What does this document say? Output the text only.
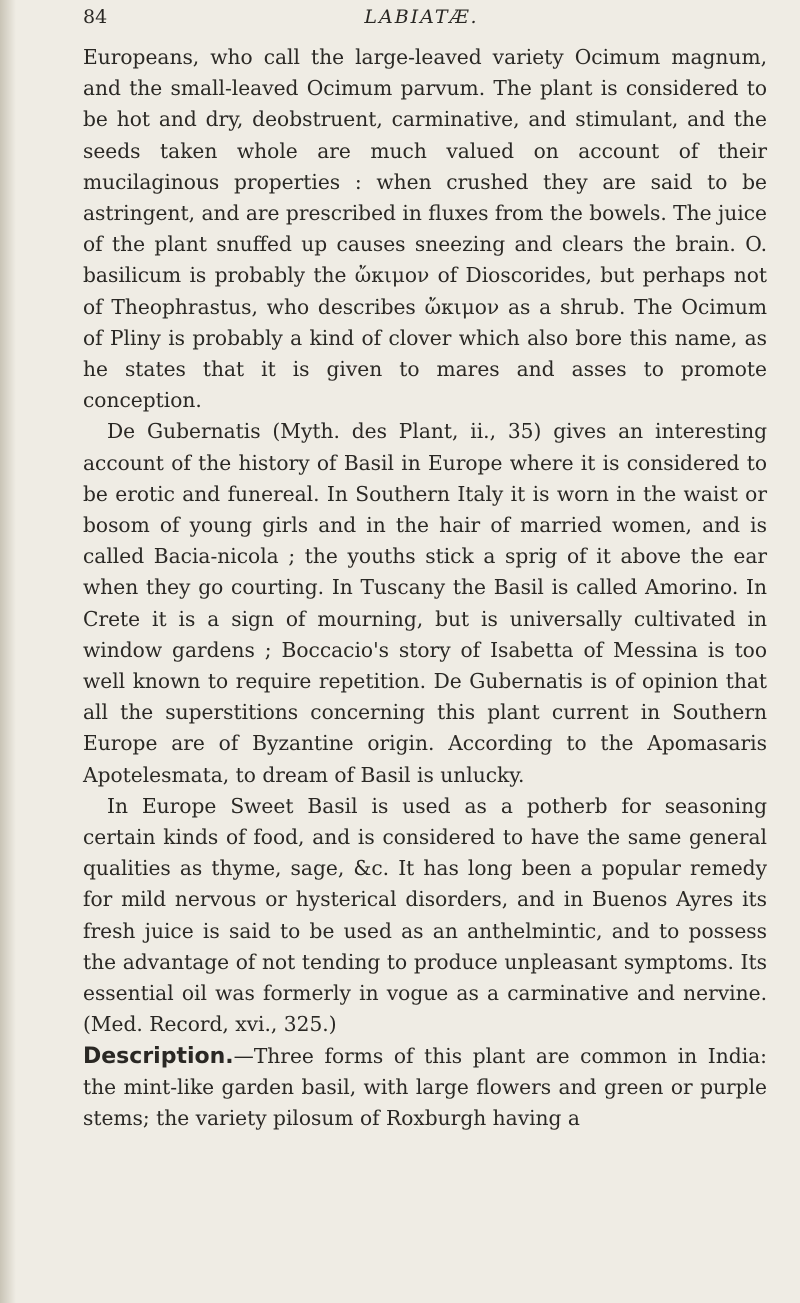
84	LABIATÆ.

Europeans, who call the large-leaved variety Ocimum magnum, and the small-leaved Ocimum parvum. The plant is considered to be hot and dry, deobstruent, carminative, and stimulant, and the seeds taken whole are much valued on account of their mucilaginous properties : when crushed they are said to be astringent, and are prescribed in fluxes from the bowels. The juice of the plant snuffed up causes sneezing and clears the brain. O. basilicum is probably the ὤκιμον of Dioscorides, but perhaps not of Theophrastus, who describes ὤκιμον as a shrub. The Ocimum of Pliny is probably a kind of clover which also bore this name, as he states that it is given to mares and asses to promote conception.

De Gubernatis (Myth. des Plant, ii., 35) gives an interesting account of the history of Basil in Europe where it is considered to be erotic and funereal. In Southern Italy it is worn in the waist or bosom of young girls and in the hair of married women, and is called Bacia-nicola ; the youths stick a sprig of it above the ear when they go courting. In Tuscany the Basil is called Amorino. In Crete it is a sign of mourning, but is universally cultivated in window gardens ; Boccacio's story of Isabetta of Messina is too well known to require repetition. De Gubernatis is of opinion that all the superstitions concerning this plant current in Southern Europe are of Byzantine origin. According to the Apomasaris Apotelesmata, to dream of Basil is unlucky.

In Europe Sweet Basil is used as a potherb for seasoning certain kinds of food, and is considered to have the same general qualities as thyme, sage, &c. It has long been a popular remedy for mild nervous or hysterical disorders, and in Buenos Ayres its fresh juice is said to be used as an anthelmintic, and to possess the advantage of not tending to produce unpleasant symptoms. Its essential oil was formerly in vogue as a carminative and nervine. (Med. Record, xvi., 325.)

Description.—Three forms of this plant are common in India: the mint-like garden basil, with large flowers and green or purple stems; the variety pilosum of Roxburgh having a
